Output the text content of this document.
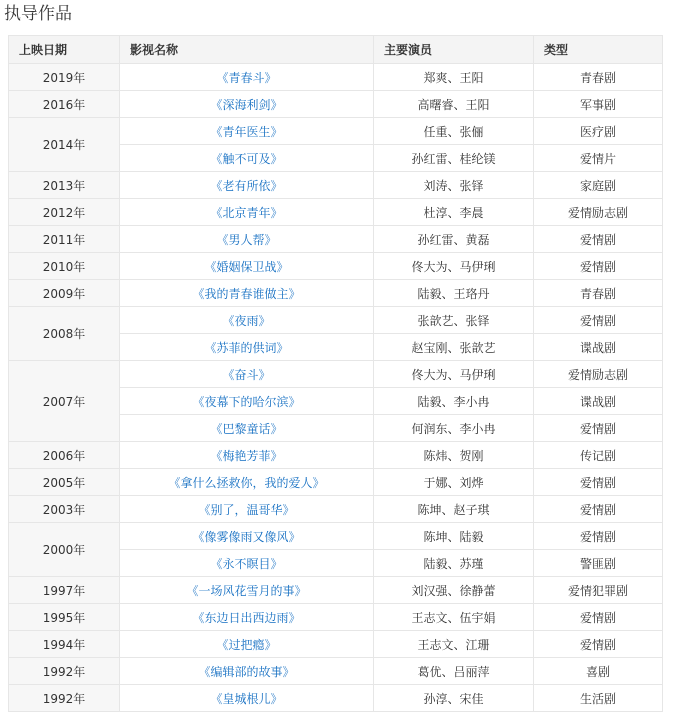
执导作品
上映日期	影视名称	主要演员	类型
2019年	《青春斗》	郑爽、王阳	青春剧
2016年	《深海利剑》	高曙睿、王阳	军事剧
2014年	《青年医生》	任重、张俪	医疗剧
	《触不可及》	孙红雷、桂纶镁	爱情片
2013年	《老有所依》	刘涛、张铎	家庭剧
2012年	《北京青年》	杜淳、李晨	爱情励志剧
2011年	《男人帮》	孙红雷、黄磊	爱情剧
2010年	《婚姻保卫战》	佟大为、马伊琍	爱情剧
2009年	《我的青春谁做主》	陆毅、王珞丹	青春剧
2008年	《夜雨》	张歆艺、张铎	爱情剧
	《苏菲的供词》	赵宝刚、张歆艺	谍战剧
2007年	《奋斗》	佟大为、马伊琍	爱情励志剧
	《夜幕下的哈尔滨》	陆毅、李小冉	谍战剧
	《巴黎童话》	何润东、李小冉	爱情剧
2006年	《梅艳芳菲》	陈炜、贺刚	传记剧
2005年	《拿什么拯救你，我的爱人》	于娜、刘烨	爱情剧
2003年	《别了，温哥华》	陈坤、赵子琪	爱情剧
2000年	《像雾像雨又像风》	陈坤、陆毅	爱情剧
	《永不瞑目》	陆毅、苏瑾	警匪剧
1997年	《一场风花雪月的事》	刘汉强、徐静蕾	爱情犯罪剧
1995年	《东边日出西边雨》	王志文、伍宇娟	爱情剧
1994年	《过把瘾》	王志文、江珊	爱情剧
1992年	《编辑部的故事》	葛优、吕丽萍	喜剧
1992年	《皇城根儿》	孙淳、宋佳	生活剧
